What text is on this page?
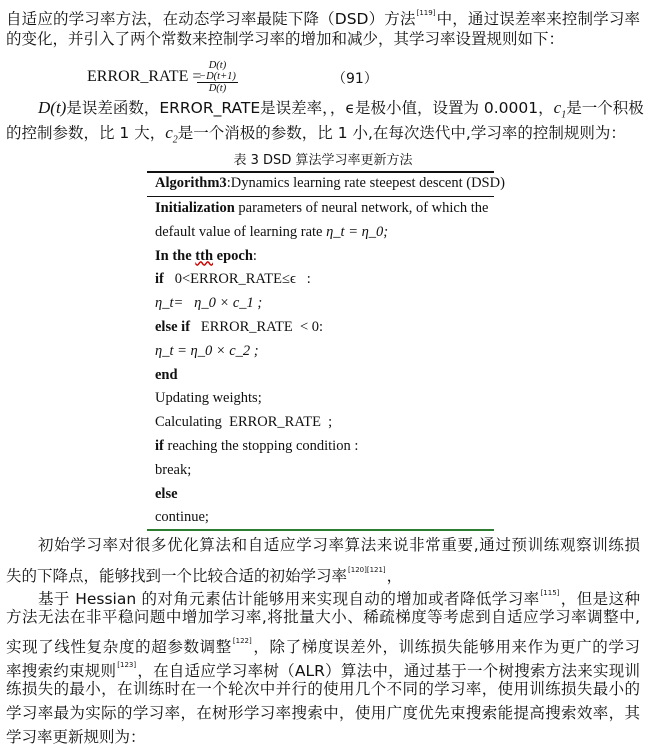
自适应的学习率方法，在动态学习率最陡下降（DSD）方法[119]中，通过误差率来控制学习率
的变化，并引入了两个常数来控制学习率的增加和减少，其学习率设置规则如下：
ERROR_RATE =
$\frac{D(t)-D(t+1)}{D(t)}$	（91）
D(t)是误差函数，ERROR_RATE是误差率，，ϵ是极小值，设置为 0.0001，$c_1$是一个积极
的控制参数，比 1 大，$c_2$是一个消极的参数，比 1 小,在每次迭代中,学习率的控制规则为：
表 3 DSD 算法学习率更新方法
Algorithm3:Dynamics learning rate steepest descent (DSD)
Initialization parameters of neural network, of which the
default value of learning rate η_t = η_0;
In the tth epoch:
if   0<ERROR_RATE≤ϵ   :
η_t=   η_0 × c_1 ;
else if   ERROR_RATE  < 0:
η_t = η_0 × c_2 ;
end
Updating weights;
Calculating  ERROR_RATE  ;
if reaching the stopping condition :
break;
else
continue;
初始学习率对很多优化算法和自适应学习率算法来说非常重要,通过预训练观察训练损
失的下降点，能够找到一个比较合适的初始学习率[120][121]，
基于 Hessian 的对角元素估计能够用来实现自动的增加或者降低学习率[115]，但是这种
方法无法在非平稳问题中增加学习率,将批量大小、稀疏梯度等考虑到自适应学习率调整中,
实现了线性复杂度的超参数调整[122]，除了梯度误差外，训练损失能够用来作为更广的学习
率搜索约束规则[123]，在自适应学习率树（ALR）算法中，通过基于一个树搜索方法来实现训
练损失的最小，在训练时在一个轮次中并行的使用几个不同的学习率，使用训练损失最小的
学习率最为实际的学习率，在树形学习率搜索中，使用广度优先束搜索能提高搜索效率，其
学习率更新规则为：
